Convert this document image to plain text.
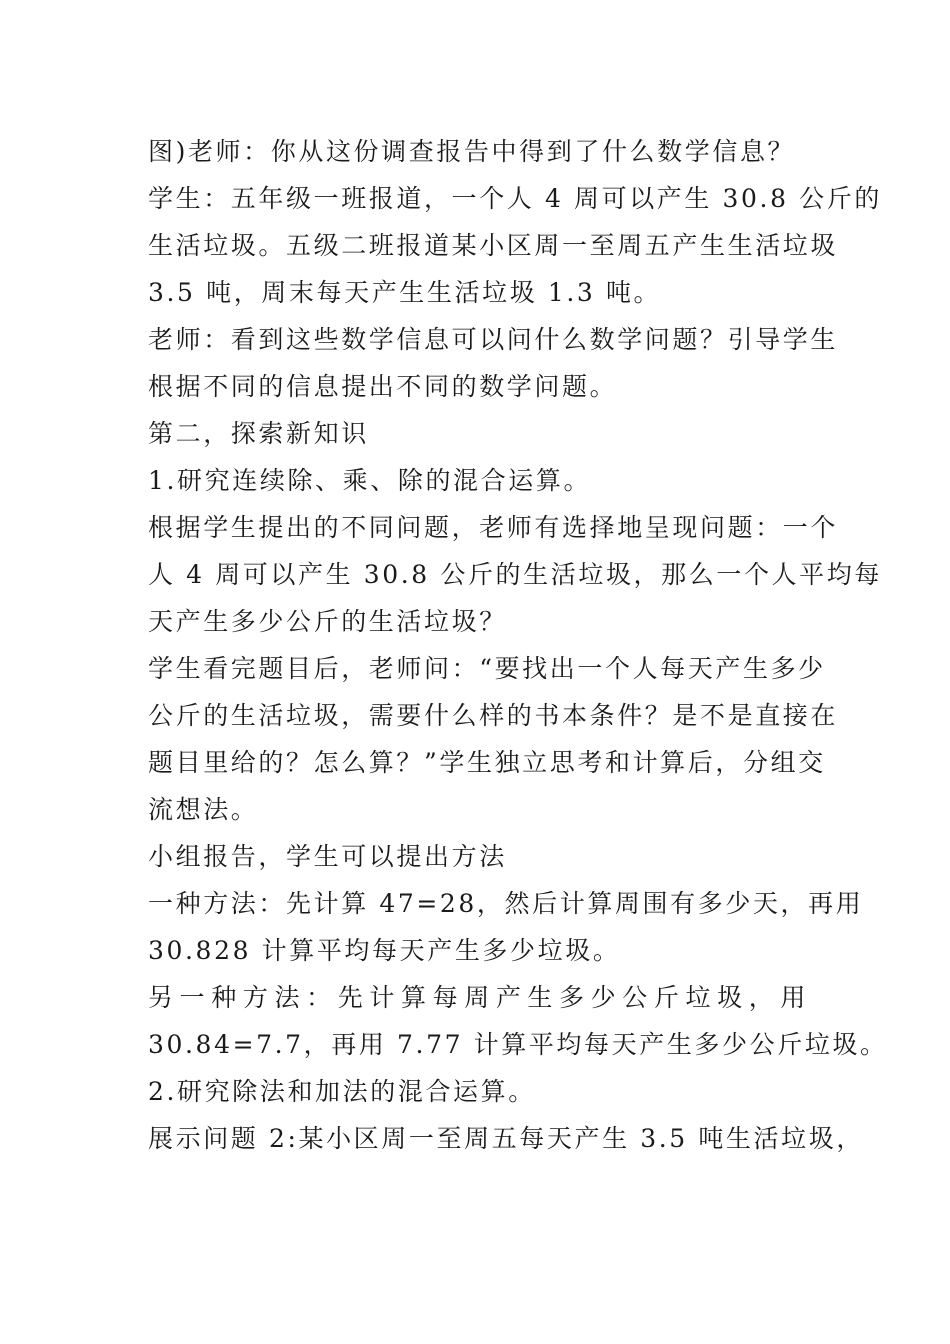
图)老师：你从这份调查报告中得到了什么数学信息？
学生：五年级一班报道，一个人 4 周可以产生 30.8 公斤的
生活垃圾。五级二班报道某小区周一至周五产生生活垃圾
3.5 吨，周末每天产生生活垃圾 1.3 吨。
老师：看到这些数学信息可以问什么数学问题？引导学生
根据不同的信息提出不同的数学问题。
第二，探索新知识
1.研究连续除、乘、除的混合运算。
根据学生提出的不同问题，老师有选择地呈现问题：一个
人 4 周可以产生 30.8 公斤的生活垃圾，那么一个人平均每
天产生多少公斤的生活垃圾？
学生看完题目后，老师问：“要找出一个人每天产生多少
公斤的生活垃圾，需要什么样的书本条件？是不是直接在
题目里给的？怎么算？”学生独立思考和计算后，分组交
流想法。
小组报告，学生可以提出方法
一种方法：先计算 47=28，然后计算周围有多少天，再用
30.828 计算平均每天产生多少垃圾。
另一种方法：先计算每周产生多少公斤垃圾，用
30.84=7.7，再用 7.77 计算平均每天产生多少公斤垃圾。
2.研究除法和加法的混合运算。
展示问题 2:某小区周一至周五每天产生 3.5 吨生活垃圾，
